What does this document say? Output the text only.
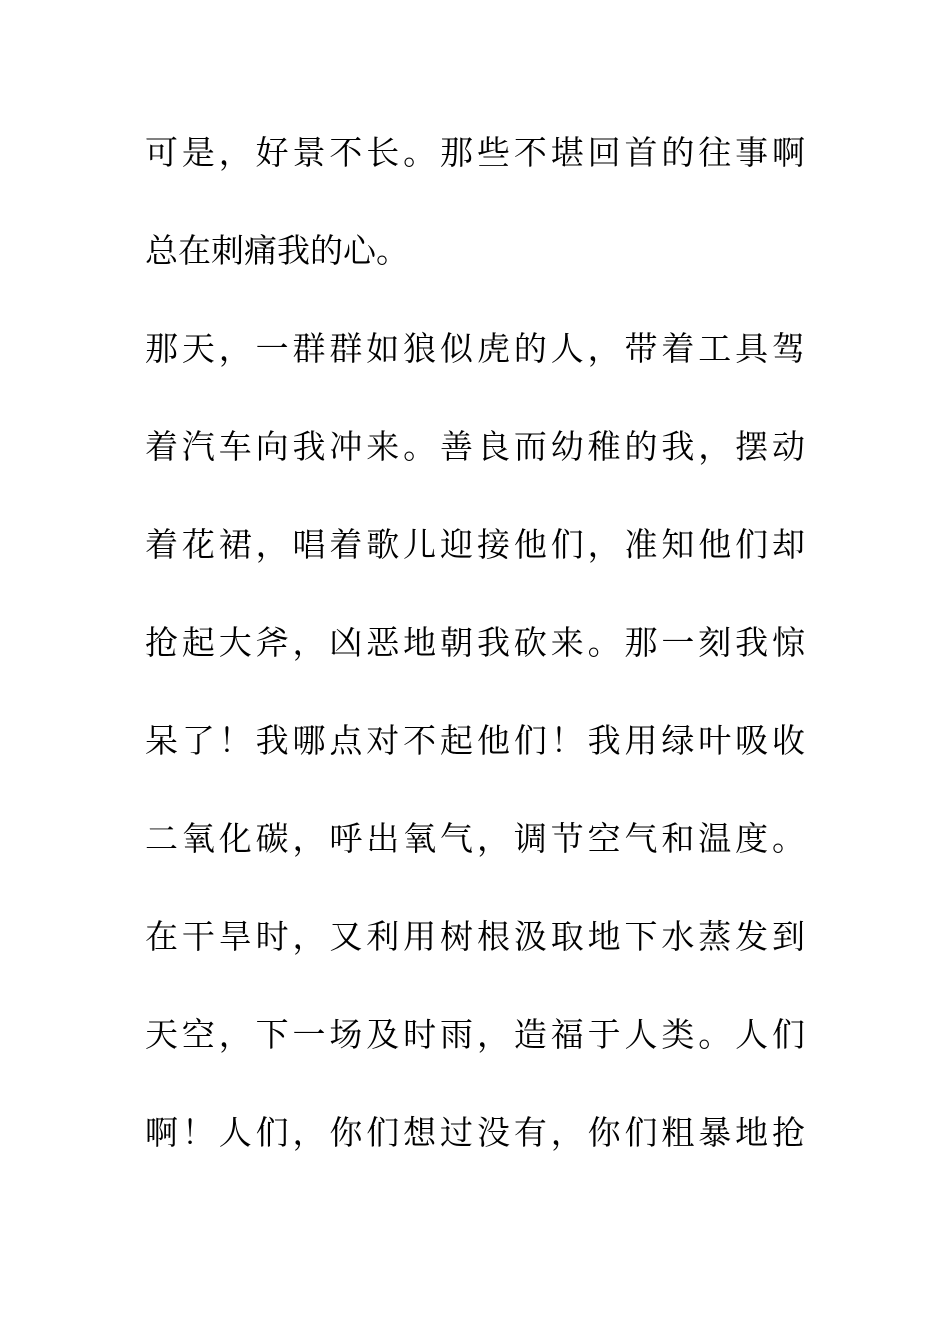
可是，好景不长。那些不堪回首的往事啊
总在刺痛我的心。
那天，一群群如狼似虎的人，带着工具驾
着汽车向我冲来。善良而幼稚的我，摆动
着花裙，唱着歌儿迎接他们，准知他们却
抢起大斧，凶恶地朝我砍来。那一刻我惊
呆了！我哪点对不起他们！我用绿叶吸收
二氧化碳，呼出氧气，调节空气和温度。
在干旱时，又利用树根汲取地下水蒸发到
天空，下一场及时雨，造福于人类。人们
啊！人们，你们想过没有，你们粗暴地抢
